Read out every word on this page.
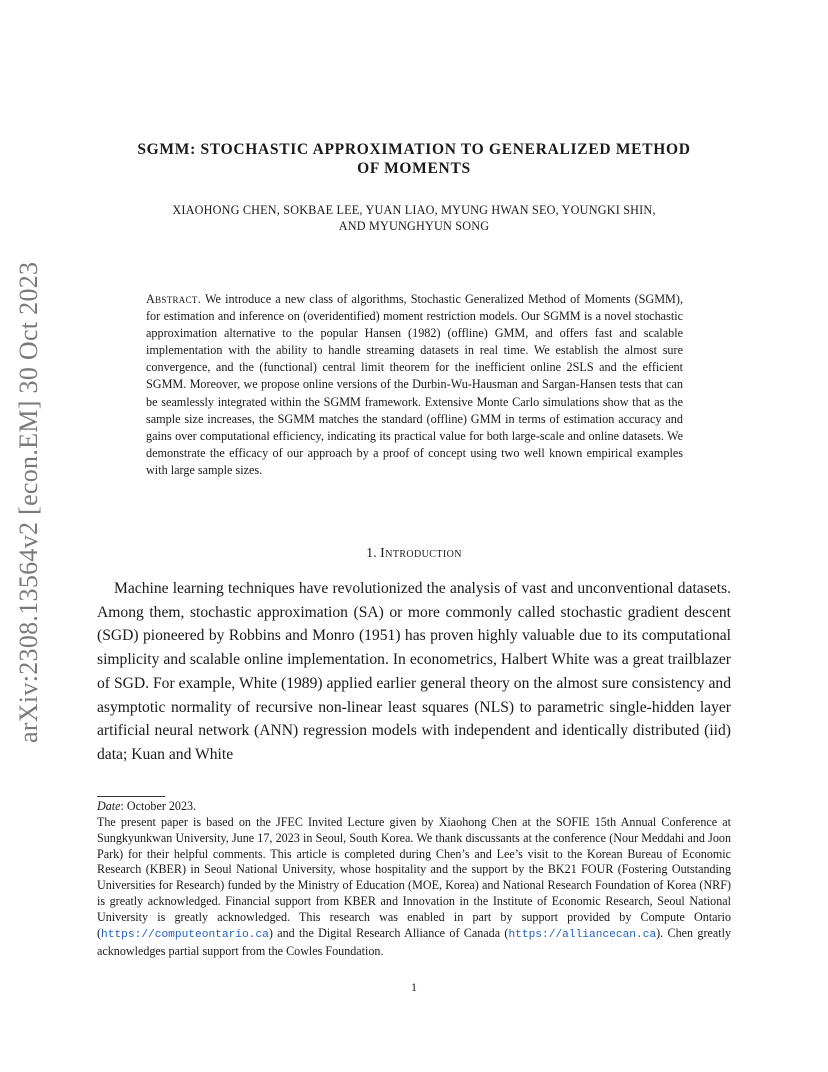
arXiv:2308.13564v2 [econ.EM] 30 Oct 2023
SGMM: STOCHASTIC APPROXIMATION TO GENERALIZED METHOD
OF MOMENTS
XIAOHONG CHEN, SOKBAE LEE, YUAN LIAO, MYUNG HWAN SEO, YOUNGKI SHIN,
AND MYUNGHYUN SONG
Abstract. We introduce a new class of algorithms, Stochastic Generalized Method of Moments (SGMM), for estimation and inference on (overidentified) moment restriction models. Our SGMM is a novel stochastic approximation alternative to the popular Hansen (1982) (offline) GMM, and offers fast and scalable implementation with the ability to handle streaming datasets in real time. We establish the almost sure convergence, and the (functional) central limit theorem for the inefficient online 2SLS and the efficient SGMM. Moreover, we propose online versions of the Durbin-Wu-Hausman and Sargan-Hansen tests that can be seamlessly integrated within the SGMM framework. Extensive Monte Carlo simulations show that as the sample size increases, the SGMM matches the standard (offline) GMM in terms of estimation accuracy and gains over computational efficiency, indicating its practical value for both large-scale and online datasets. We demonstrate the efficacy of our approach by a proof of concept using two well known empirical examples with large sample sizes.
1. Introduction

Machine learning techniques have revolutionized the analysis of vast and unconventional datasets. Among them, stochastic approximation (SA) or more commonly called stochastic gradient descent (SGD) pioneered by Robbins and Monro (1951) has proven highly valuable due to its computational simplicity and scalable online implementation. In econometrics, Halbert White was a great trailblazer of SGD. For example, White (1989) applied earlier general theory on the almost sure consistency and asymptotic normality of recursive non-linear least squares (NLS) to parametric single-hidden layer artificial neural network (ANN) regression models with independent and identically distributed (iid) data; Kuan and White

Date: October 2023.

The present paper is based on the JFEC Invited Lecture given by Xiaohong Chen at the SOFIE 15th Annual Conference at Sungkyunkwan University, June 17, 2023 in Seoul, South Korea. We thank discussants at the conference (Nour Meddahi and Joon Park) for their helpful comments. This article is completed during Chen’s and Lee’s visit to the Korean Bureau of Economic Research (KBER) in Seoul National University, whose hospitality and the support by the BK21 FOUR (Fostering Outstanding Universities for Research) funded by the Ministry of Education (MOE, Korea) and National Research Foundation of Korea (NRF) is greatly acknowledged. Financial support from KBER and Innovation in the Institute of Economic Research, Seoul National University is greatly acknowledged. This research was enabled in part by support provided by Compute Ontario (https://computeontario.ca) and the Digital Research Alliance of Canada (https://alliancecan.ca). Chen greatly acknowledges partial support from the Cowles Foundation.

1
